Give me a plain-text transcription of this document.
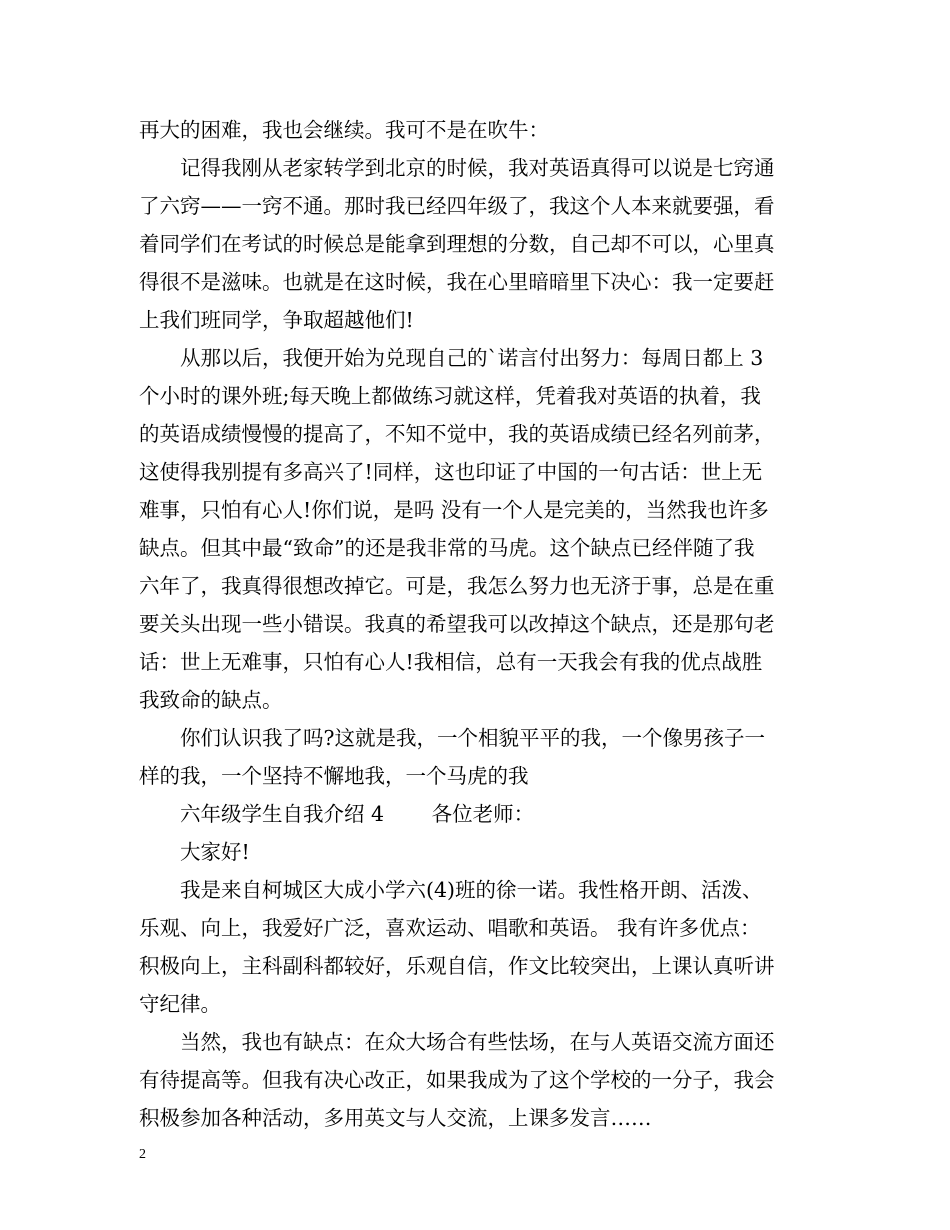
再大的困难，我也会继续。我可不是在吹牛：
　　记得我刚从老家转学到北京的时候，我对英语真得可以说是七窍通
了六窍——一窍不通。那时我已经四年级了，我这个人本来就要强，看
着同学们在考试的时候总是能拿到理想的分数，自己却不可以，心里真
得很不是滋味。也就是在这时候，我在心里暗暗里下决心：我一定要赶
上我们班同学，争取超越他们!
　　从那以后，我便开始为兑现自己的`诺言付出努力：每周日都上 3
个小时的课外班;每天晚上都做练习就这样，凭着我对英语的执着，我
的英语成绩慢慢的提高了，不知不觉中，我的英语成绩已经名列前茅，
这使得我别提有多高兴了!同样，这也印证了中国的一句古话：世上无
难事，只怕有心人!你们说，是吗 没有一个人是完美的，当然我也许多
缺点。但其中最“致命”的还是我非常的马虎。这个缺点已经伴随了我
六年了，我真得很想改掉它。可是，我怎么努力也无济于事，总是在重
要关头出现一些小错误。我真的希望我可以改掉这个缺点，还是那句老
话：世上无难事，只怕有心人!我相信，总有一天我会有我的优点战胜
我致命的缺点。
　　你们认识我了吗?这就是我，一个相貌平平的我，一个像男孩子一
样的我，一个坚持不懈地我，一个马虎的我
　　六年级学生自我介绍 4　　 各位老师：
　　大家好!
　　我是来自柯城区大成小学六(4)班的徐一诺。我性格开朗、活泼、
乐观、向上，我爱好广泛，喜欢运动、唱歌和英语。 我有许多优点：
积极向上，主科副科都较好，乐观自信，作文比较突出，上课认真听讲
守纪律。
　　当然，我也有缺点：在众大场合有些怯场，在与人英语交流方面还
有待提高等。但我有决心改正，如果我成为了这个学校的一分子，我会
积极参加各种活动，多用英文与人交流，上课多发言……
2
